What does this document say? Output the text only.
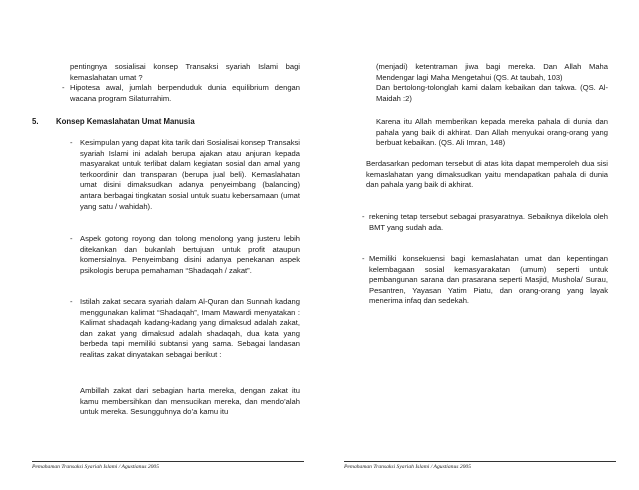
pentingnya sosialisai konsep Transaksi syariah Islami bagi kemaslahatan umat ?
- Hipotesa awal, jumlah berpenduduk dunia equilibrium dengan wacana program Silaturrahim.
5. Konsep Kemaslahatan Umat Manusia
- Kesimpulan yang dapat kita tarik dari Sosialisai konsep Transaksi syariah Islami ini adalah berupa ajakan atau anjuran kepada masyarakat untuk terlibat dalam kegiatan sosial dan amal yang terkoordinir dan transparan (berupa jual beli). Kemaslahatan umat disini dimaksudkan adanya penyeimbang (balancing) antara berbagai tingkatan sosial untuk suatu kebersamaan (umat yang satu / wahidah).
- Aspek gotong royong dan tolong menolong yang justeru lebih ditekankan dan bukanlah bertujuan untuk profit ataupun komersialnya. Penyeimbang disini adanya penekanan aspek psikologis berupa pemahaman “Shadaqah / zakat”.
- Istilah zakat secara syariah dalam Al-Quran dan Sunnah kadang menggunakan kalimat “Shadaqah”, Imam Mawardi menyatakan : Kalimat shadaqah kadang-kadang yang dimaksud adalah zakat, dan zakat yang dimaksud adalah shadaqah, dua kata yang berbeda tapi memiliki subtansi yang sama. Sebagai landasan realitas zakat dinyatakan sebagai berikut :
Ambillah zakat dari sebagian harta mereka, dengan zakat itu kamu membersihkan dan mensucikan mereka, dan mendo’alah untuk mereka. Sesungguhnya do’a kamu itu
Pemahaman Transaksi Syariah Islami / Agustianus 2005
(menjadi) ketentraman jiwa bagi mereka. Dan Allah Maha Mendengar lagi Maha Mengetahui (QS. At taubah, 103)
Dan bertolong-tolonglah kami dalam kebaikan dan takwa. (QS. Al-Maidah :2)
Karena itu Allah memberikan kepada mereka pahala di dunia dan pahala yang baik di akhirat. Dan Allah menyukai orang-orang yang berbuat kebaikan. (QS. Ali Imran, 148)
Berdasarkan pedoman tersebut di atas kita dapat memperoleh dua sisi kemaslahatan yang dimaksudkan yaitu mendapatkan pahala di dunia dan pahala yang baik di akhirat.
- rekening tetap tersebut sebagai prasyaratnya. Sebaiknya dikelola oleh BMT yang sudah ada.
- Memiliki konsekuensi bagi kemaslahatan umat dan kepentingan kelembagaan sosial kemasyarakatan (umum) seperti untuk pembangunan sarana dan prasarana seperti Masjid, Mushola/ Surau, Pesantren, Yayasan Yatim Piatu, dan orang-orang yang layak menerima infaq dan sedekah.
Pemahaman Transaksi Syariah Islami / Agustianus 2005
